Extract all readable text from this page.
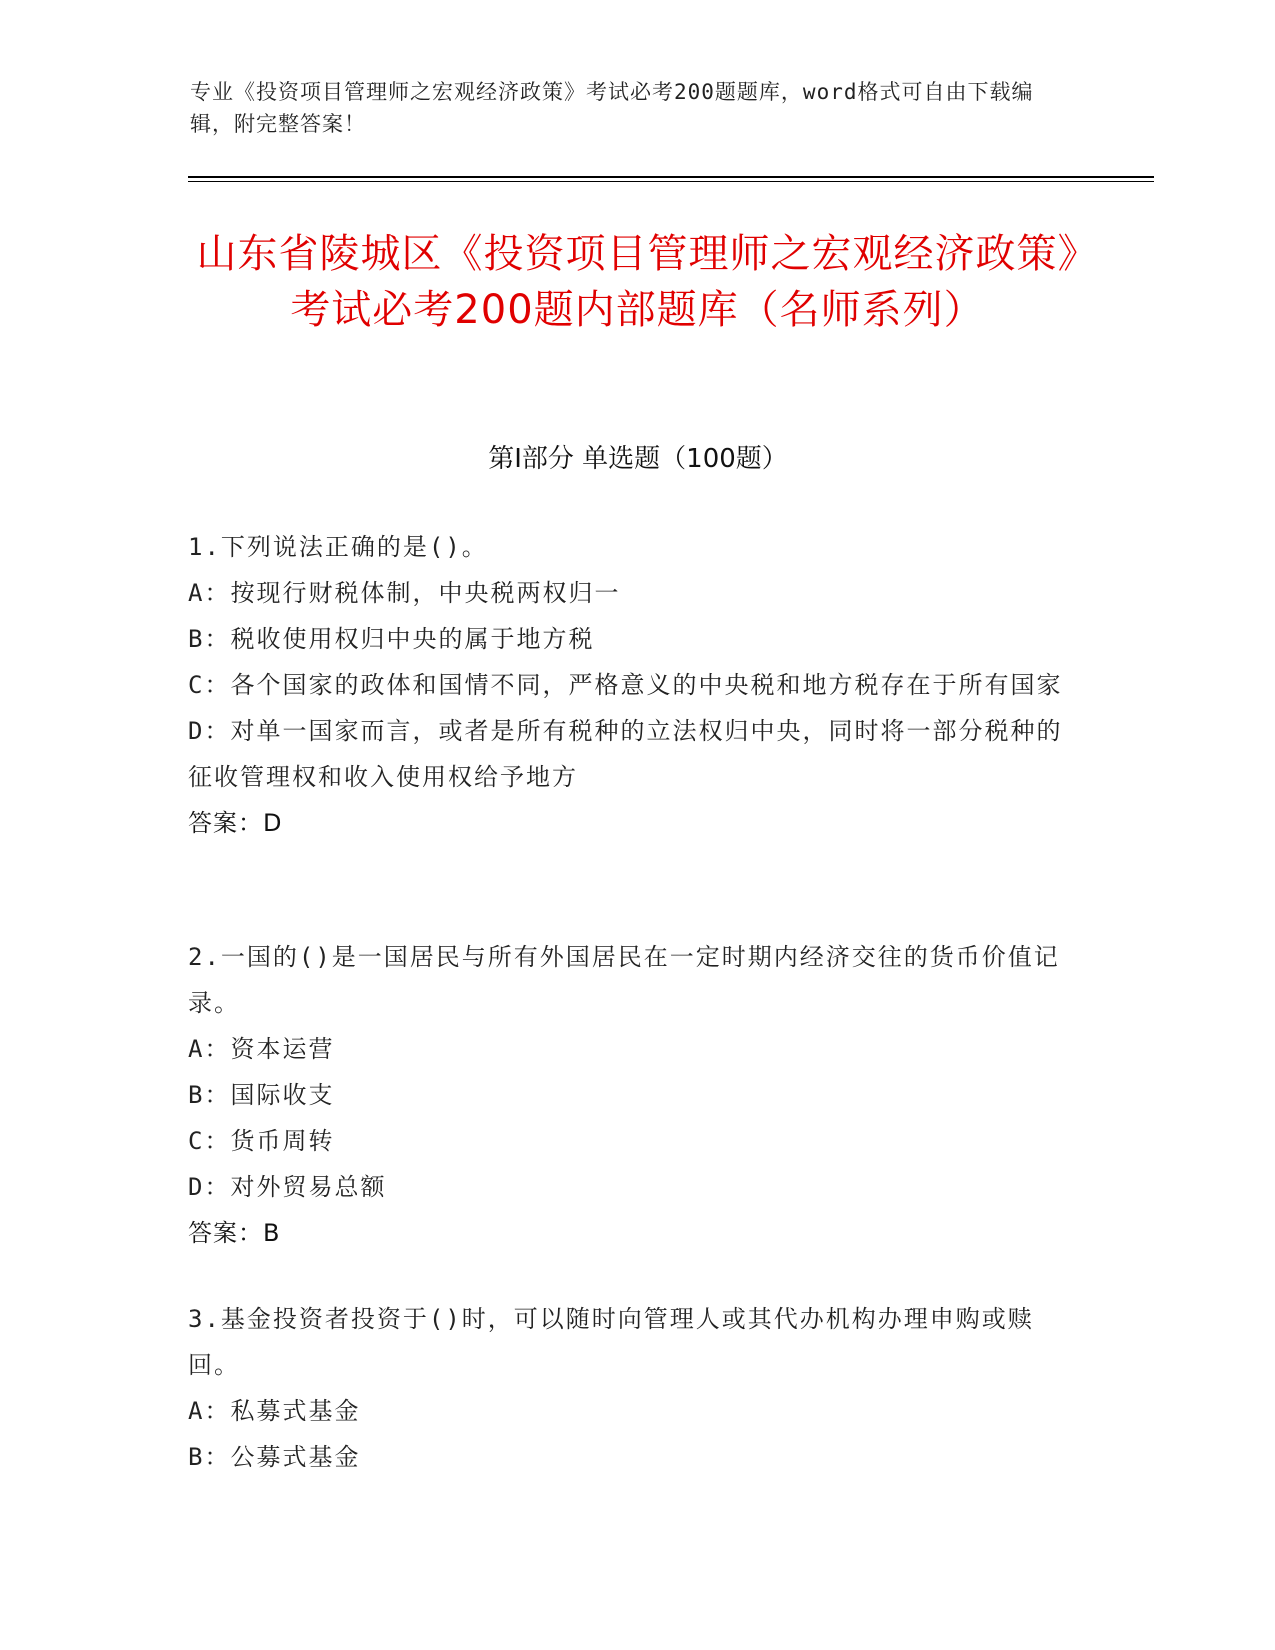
专业《投资项目管理师之宏观经济政策》考试必考200题题库，word格式可自由下载编辑，附完整答案！
山东省陵城区《投资项目管理师之宏观经济政策》考试必考200题内部题库（名师系列）
第Ⅰ部分 单选题（100题）
1.下列说法正确的是()。
A：按现行财税体制，中央税两权归一
B：税收使用权归中央的属于地方税
C：各个国家的政体和国情不同，严格意义的中央税和地方税存在于所有国家
D：对单一国家而言，或者是所有税种的立法权归中央，同时将一部分税种的征收管理权和收入使用权给予地方
答案：D
2.一国的()是一国居民与所有外国居民在一定时期内经济交往的货币价值记录。
A：资本运营
B：国际收支
C：货币周转
D：对外贸易总额
答案：B
3.基金投资者投资于()时，可以随时向管理人或其代办机构办理申购或赎回。
A：私募式基金
B：公募式基金
